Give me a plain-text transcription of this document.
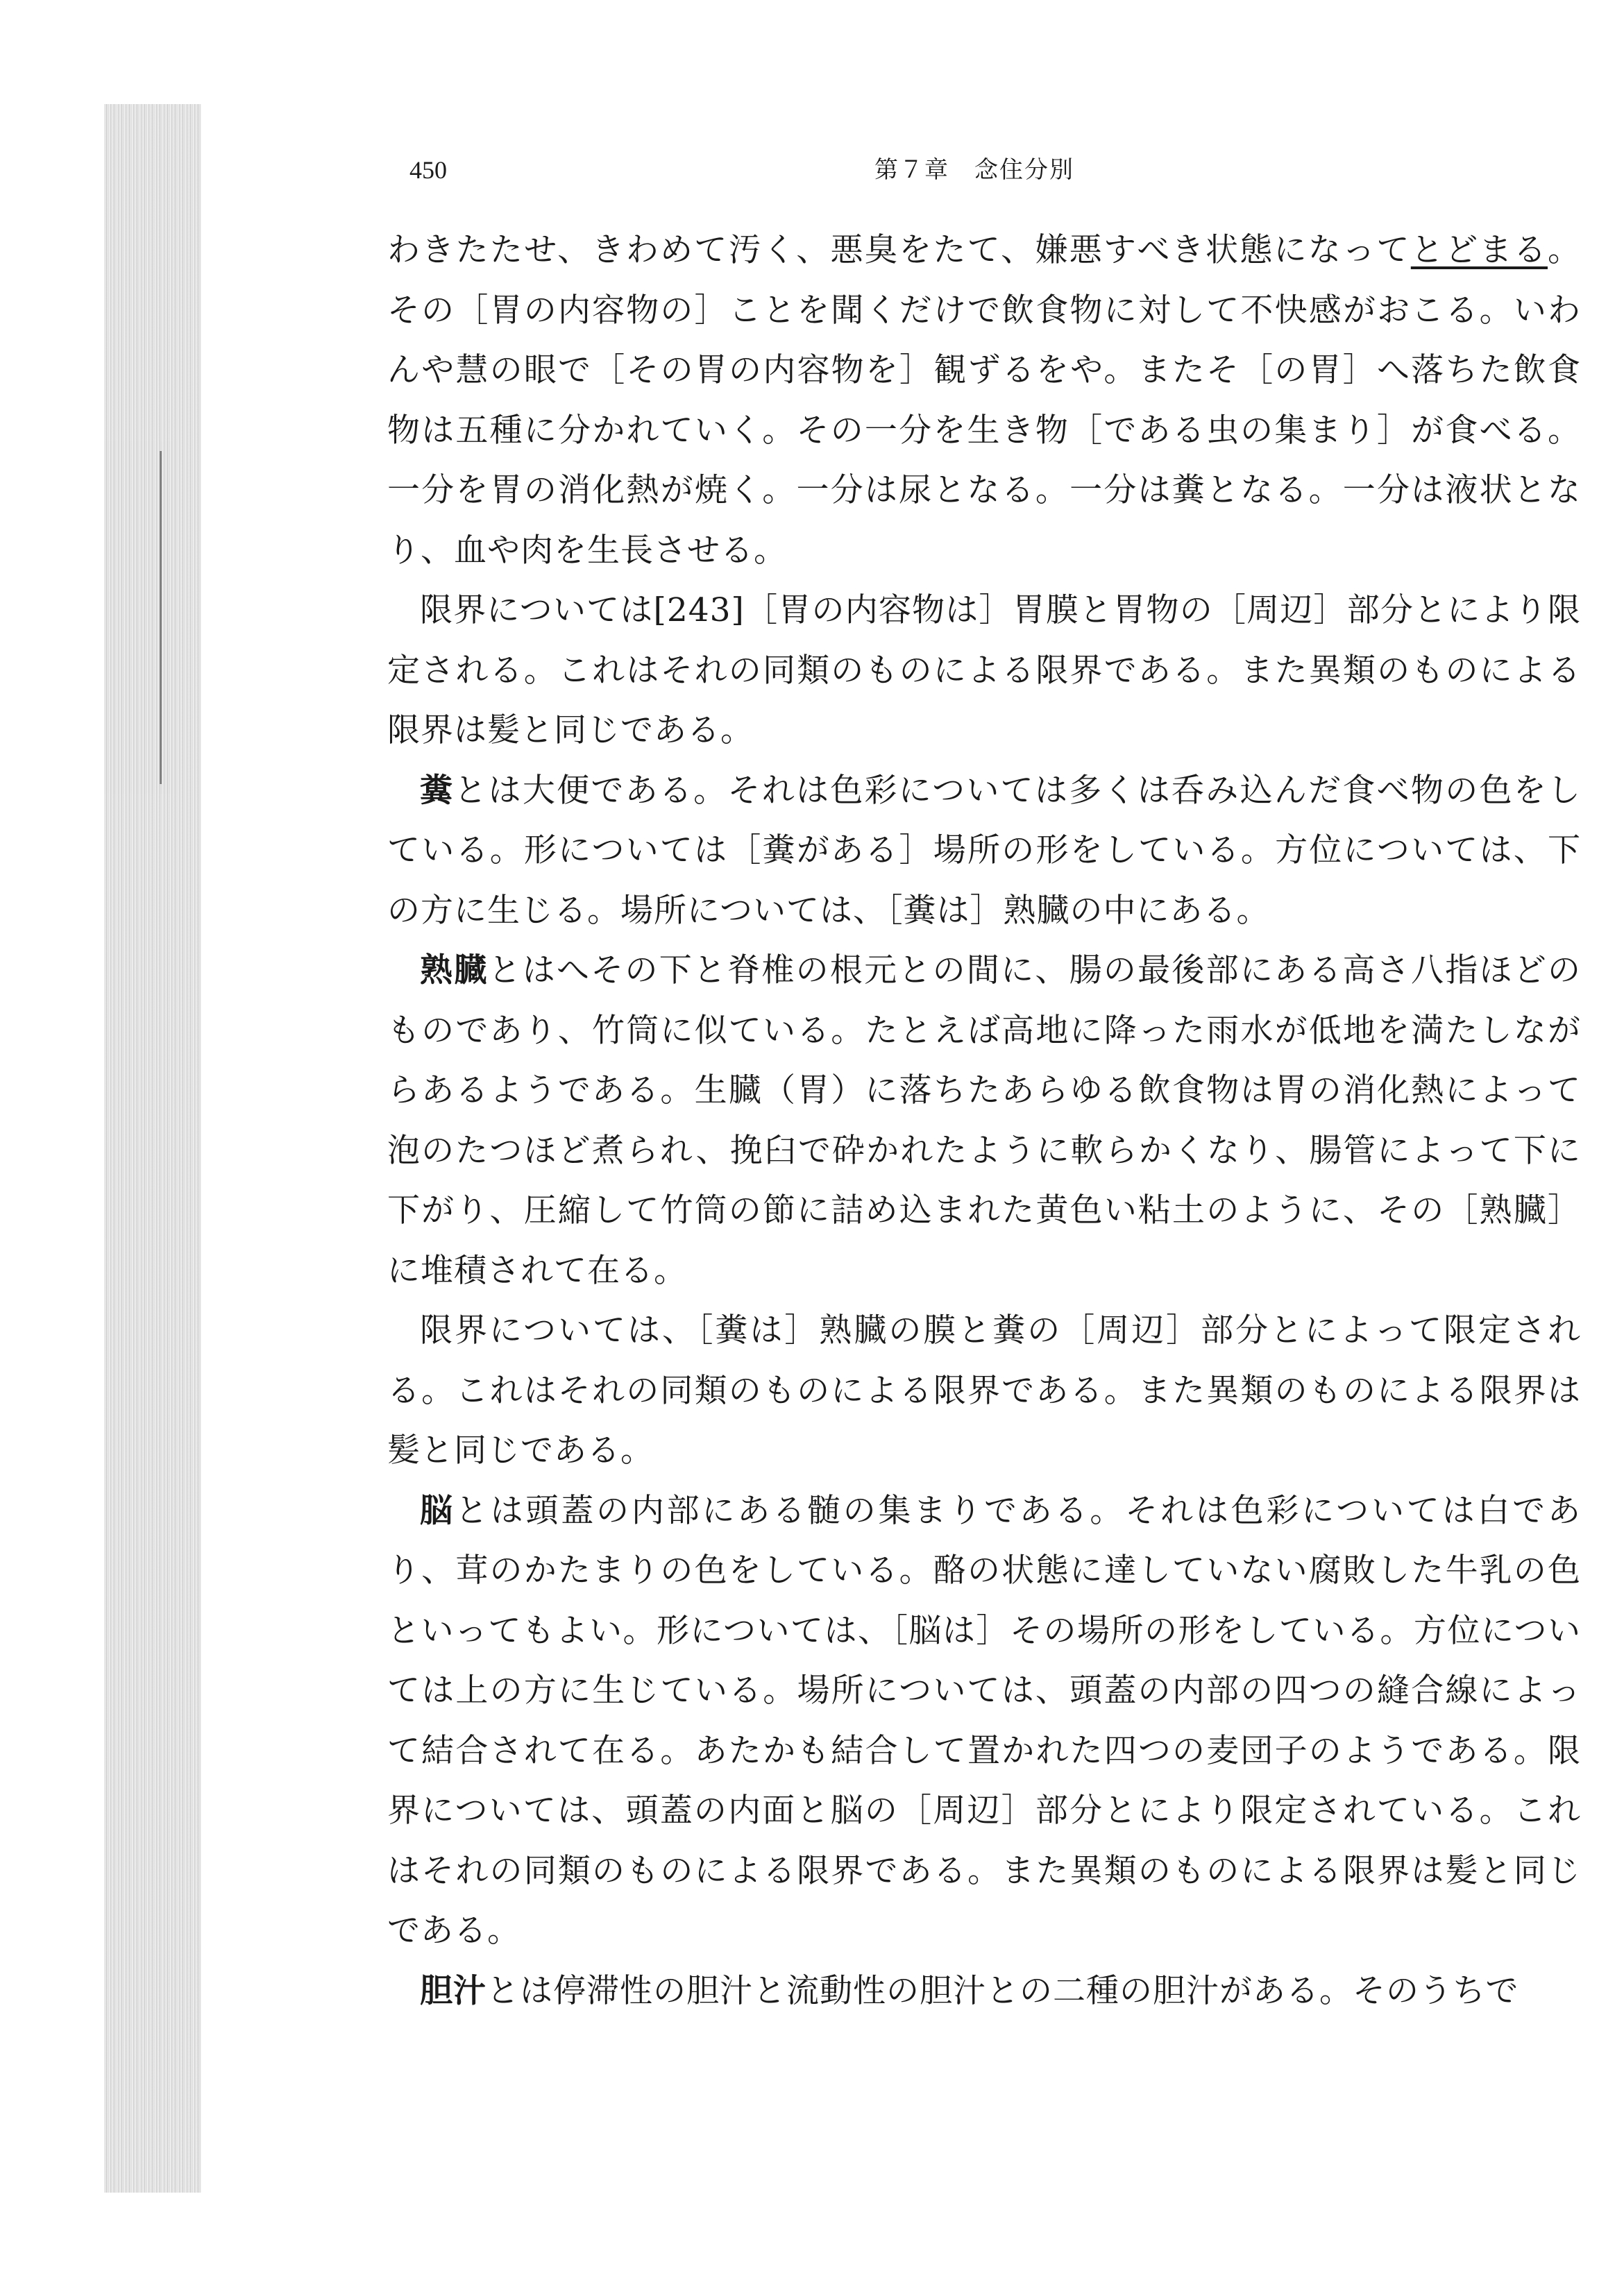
450	第７章　念住分別

わきたたせ、きわめて汚く、悪臭をたて、嫌悪すべき状態になってとどまる。その［胃の内容物の］ことを聞くだけで飲食物に対して不快感がおこる。いわんや慧の眼で［その胃の内容物を］観ずるをや。またそ［の胃］へ落ちた飲食物は五種に分かれていく。その一分を生き物［である虫の集まり］が食べる。一分を胃の消化熱が焼く。一分は尿となる。一分は糞となる。一分は液状となり、血や肉を生長させる。

限界については[243]［胃の内容物は］胃膜と胃物の［周辺］部分とにより限定される。これはそれの同類のものによる限界である。また異類のものによる限界は髪と同じである。

糞とは大便である。それは色彩については多くは呑み込んだ食べ物の色をしている。形については［糞がある］場所の形をしている。方位については、下の方に生じる。場所については、［糞は］熟臓の中にある。

熟臓とはへその下と脊椎の根元との間に、腸の最後部にある高さ八指ほどのものであり、竹筒に似ている。たとえば高地に降った雨水が低地を満たしながらあるようである。生臓（胃）に落ちたあらゆる飲食物は胃の消化熱によって泡のたつほど煮られ、挽臼で砕かれたように軟らかくなり、腸管によって下に下がり、圧縮して竹筒の節に詰め込まれた黄色い粘土のように、その［熟臓］に堆積されて在る。

限界については、［糞は］熟臓の膜と糞の［周辺］部分とによって限定される。これはそれの同類のものによる限界である。また異類のものによる限界は髪と同じである。

脳とは頭蓋の内部にある髄の集まりである。それは色彩については白であり、茸のかたまりの色をしている。酪の状態に達していない腐敗した牛乳の色といってもよい。形については、［脳は］その場所の形をしている。方位については上の方に生じている。場所については、頭蓋の内部の四つの縫合線によって結合されて在る。あたかも結合して置かれた四つの麦団子のようである。限界については、頭蓋の内面と脳の［周辺］部分とにより限定されている。これはそれの同類のものによる限界である。また異類のものによる限界は髪と同じである。

胆汁とは停滞性の胆汁と流動性の胆汁との二種の胆汁がある。そのうちで
